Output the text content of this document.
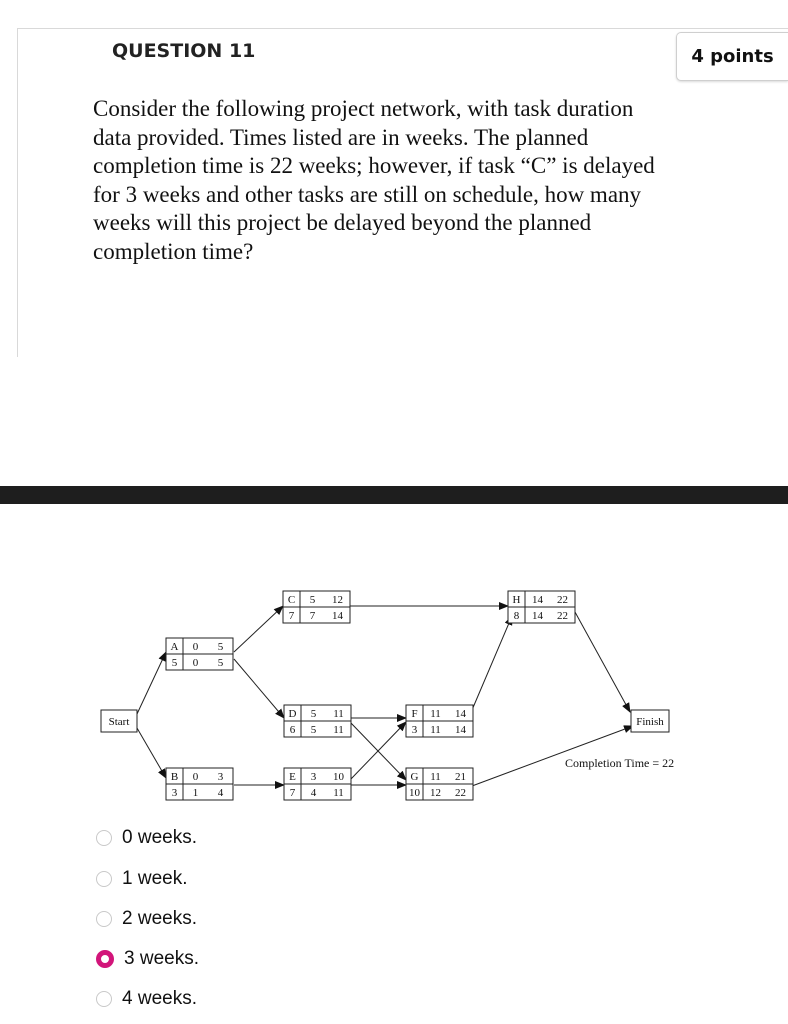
QUESTION 11	4 points
Consider the following project network, with task duration
data provided. Times listed are in weeks. The planned
completion time is 22 weeks; however, if task “C” is delayed
for 3 weeks and other tasks are still on schedule, how many
weeks will this project be delayed beyond the planned
completion time?
Start	Finish
Completion Time = 22
A 0 5
5 0 5
B 0 3
3 1 4
C 5 12
7 7 14
D 5 11
6 5 11
E 3 10
7 4 11
F 11 14
3 11 14
G 11 21
10 12 22
H 14 22
8 14 22
0 weeks.
1 week.
2 weeks.
3 weeks.
4 weeks.
